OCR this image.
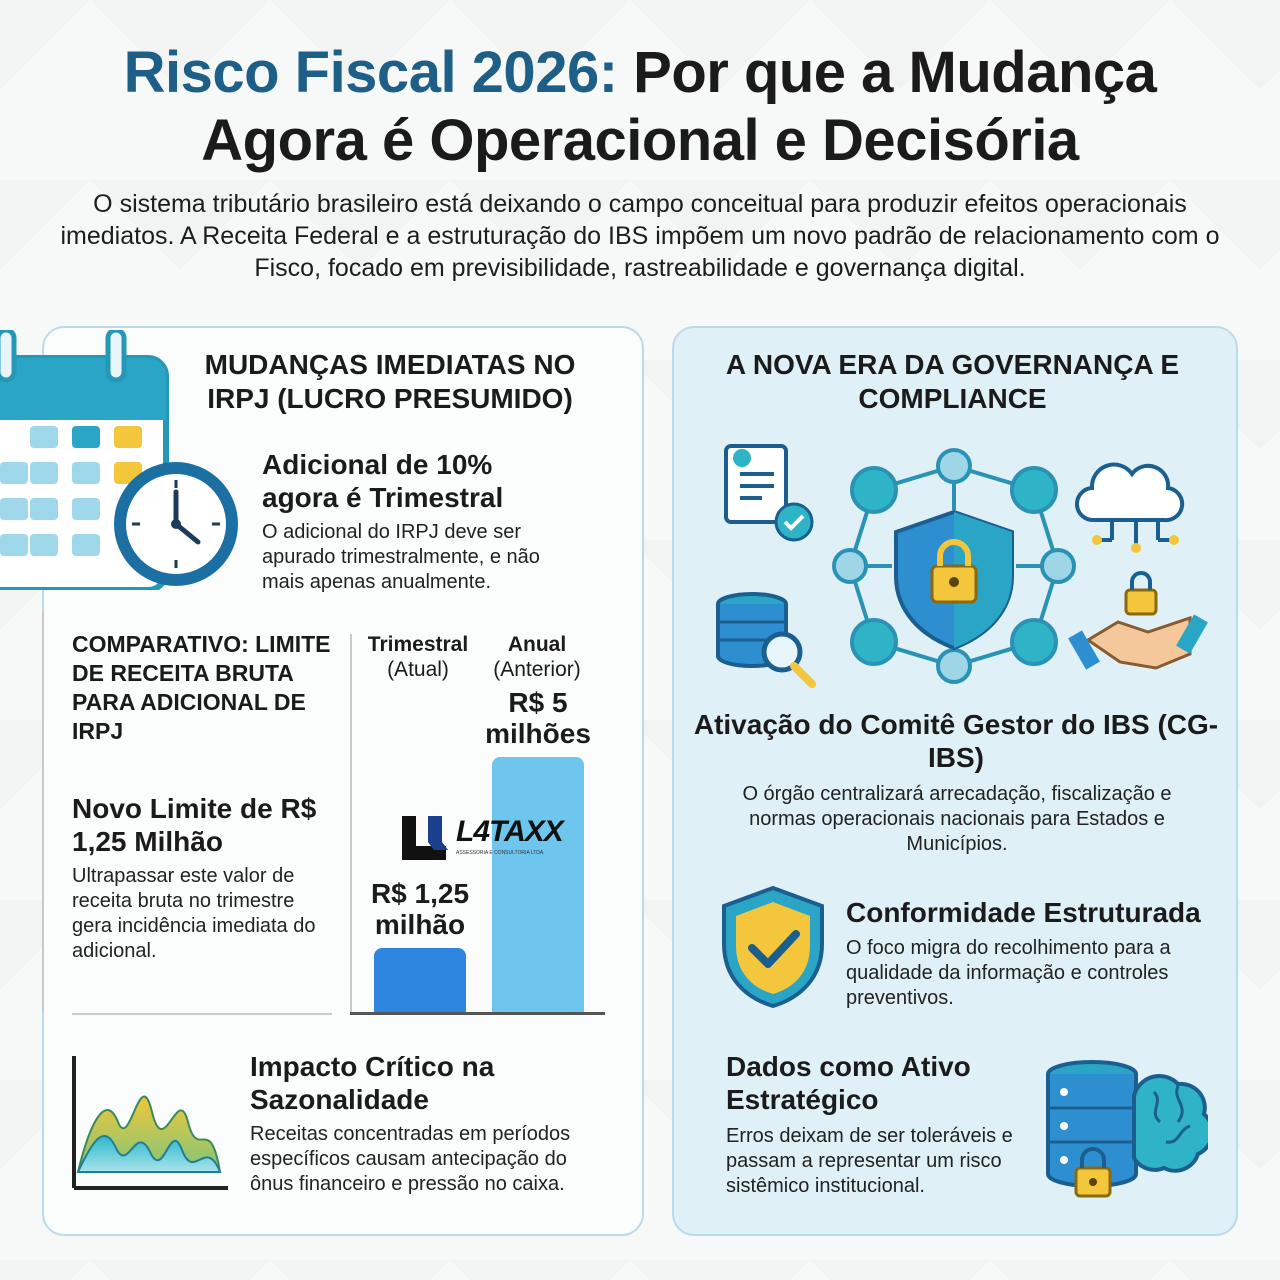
Risco Fiscal 2026: Por que a Mudança
Agora é Operacional e Decisória
O sistema tributário brasileiro está deixando o campo conceitual para produzir efeitos operacionais imediatos. A Receita Federal e a estruturação do IBS impõem um novo padrão de relacionamento com o Fisco, focado em previsibilidade, rastreabilidade e governança digital.
MUDANÇAS IMEDIATAS NO IRPJ (LUCRO PRESUMIDO)
Adicional de 10% agora é Trimestral
O adicional do IRPJ deve ser apurado trimestralmente, e não mais apenas anualmente.
COMPARATIVO: LIMITE DE RECEITA BRUTA PARA ADICIONAL DE IRPJ
Novo Limite de R$ 1,25 Milhão
Ultrapassar este valor de receita bruta no trimestre gera incidência imediata do adicional.
Trimestral
(Atual)
Anual
(Anterior)
R$ 1,25 milhão
R$ 5 milhões
L4TAXX
ASSESSORIA E CONSULTORIA LTDA.
Impacto Crítico na Sazonalidade
Receitas concentradas em períodos específicos causam antecipação do ônus financeiro e pressão no caixa.
A NOVA ERA DA GOVERNANÇA E COMPLIANCE
Ativação do Comitê Gestor do IBS (CG-IBS)
O órgão centralizará arrecadação, fiscalização e normas operacionais nacionais para Estados e Municípios.
Conformidade Estruturada
O foco migra do recolhimento para a qualidade da informação e controles preventivos.
Dados como Ativo Estratégico
Erros deixam de ser toleráveis e passam a representar um risco sistêmico institucional.
